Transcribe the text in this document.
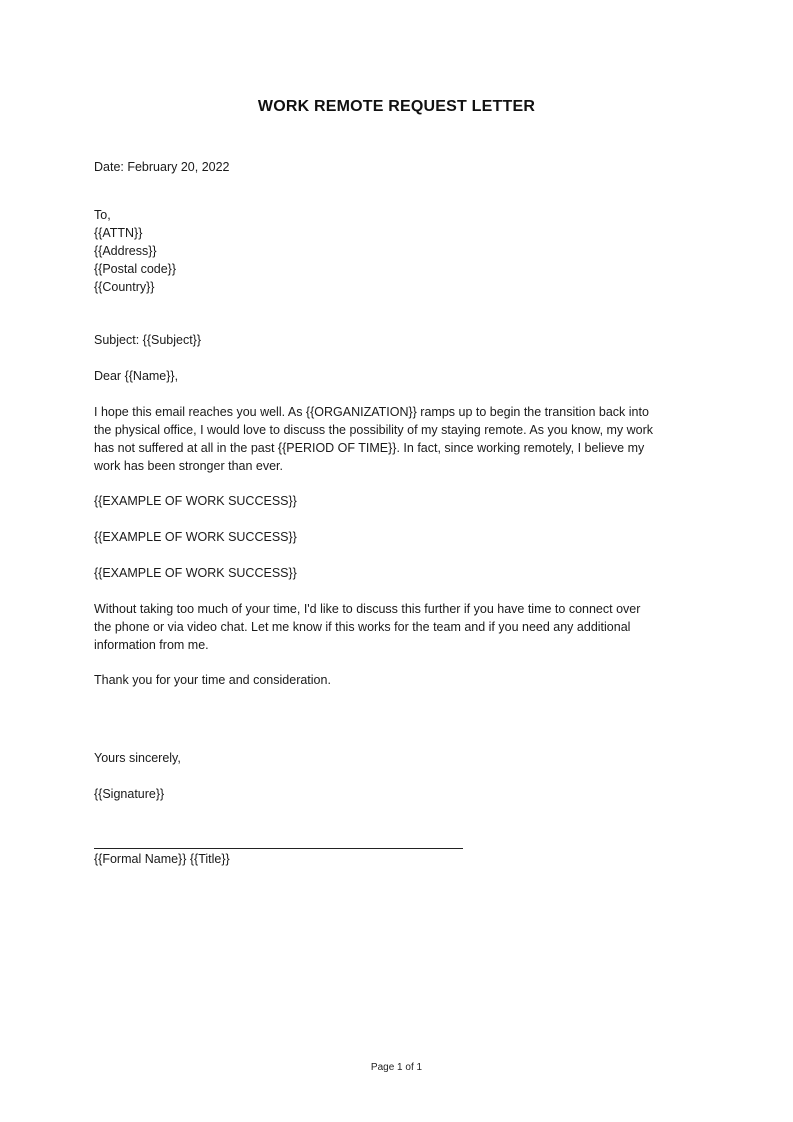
WORK REMOTE REQUEST LETTER
Date: February 20, 2022
To,
{{ATTN}}
{{Address}}
{{Postal code}}
{{Country}}
Subject: {{Subject}}
Dear {{Name}},
I hope this email reaches you well. As {{ORGANIZATION}} ramps up to begin the transition back into
the physical office, I would love to discuss the possibility of my staying remote. As you know, my work
has not suffered at all in the past {{PERIOD OF TIME}}. In fact, since working remotely, I believe my
work has been stronger than ever.
{{EXAMPLE OF WORK SUCCESS}}
{{EXAMPLE OF WORK SUCCESS}}
{{EXAMPLE OF WORK SUCCESS}}
Without taking too much of your time, I'd like to discuss this further if you have time to connect over
the phone or via video chat. Let me know if this works for the team and if you need any additional
information from me.
Thank you for your time and consideration.
Yours sincerely,
{{Signature}}
{{Formal Name}} {{Title}}
Page 1 of 1
